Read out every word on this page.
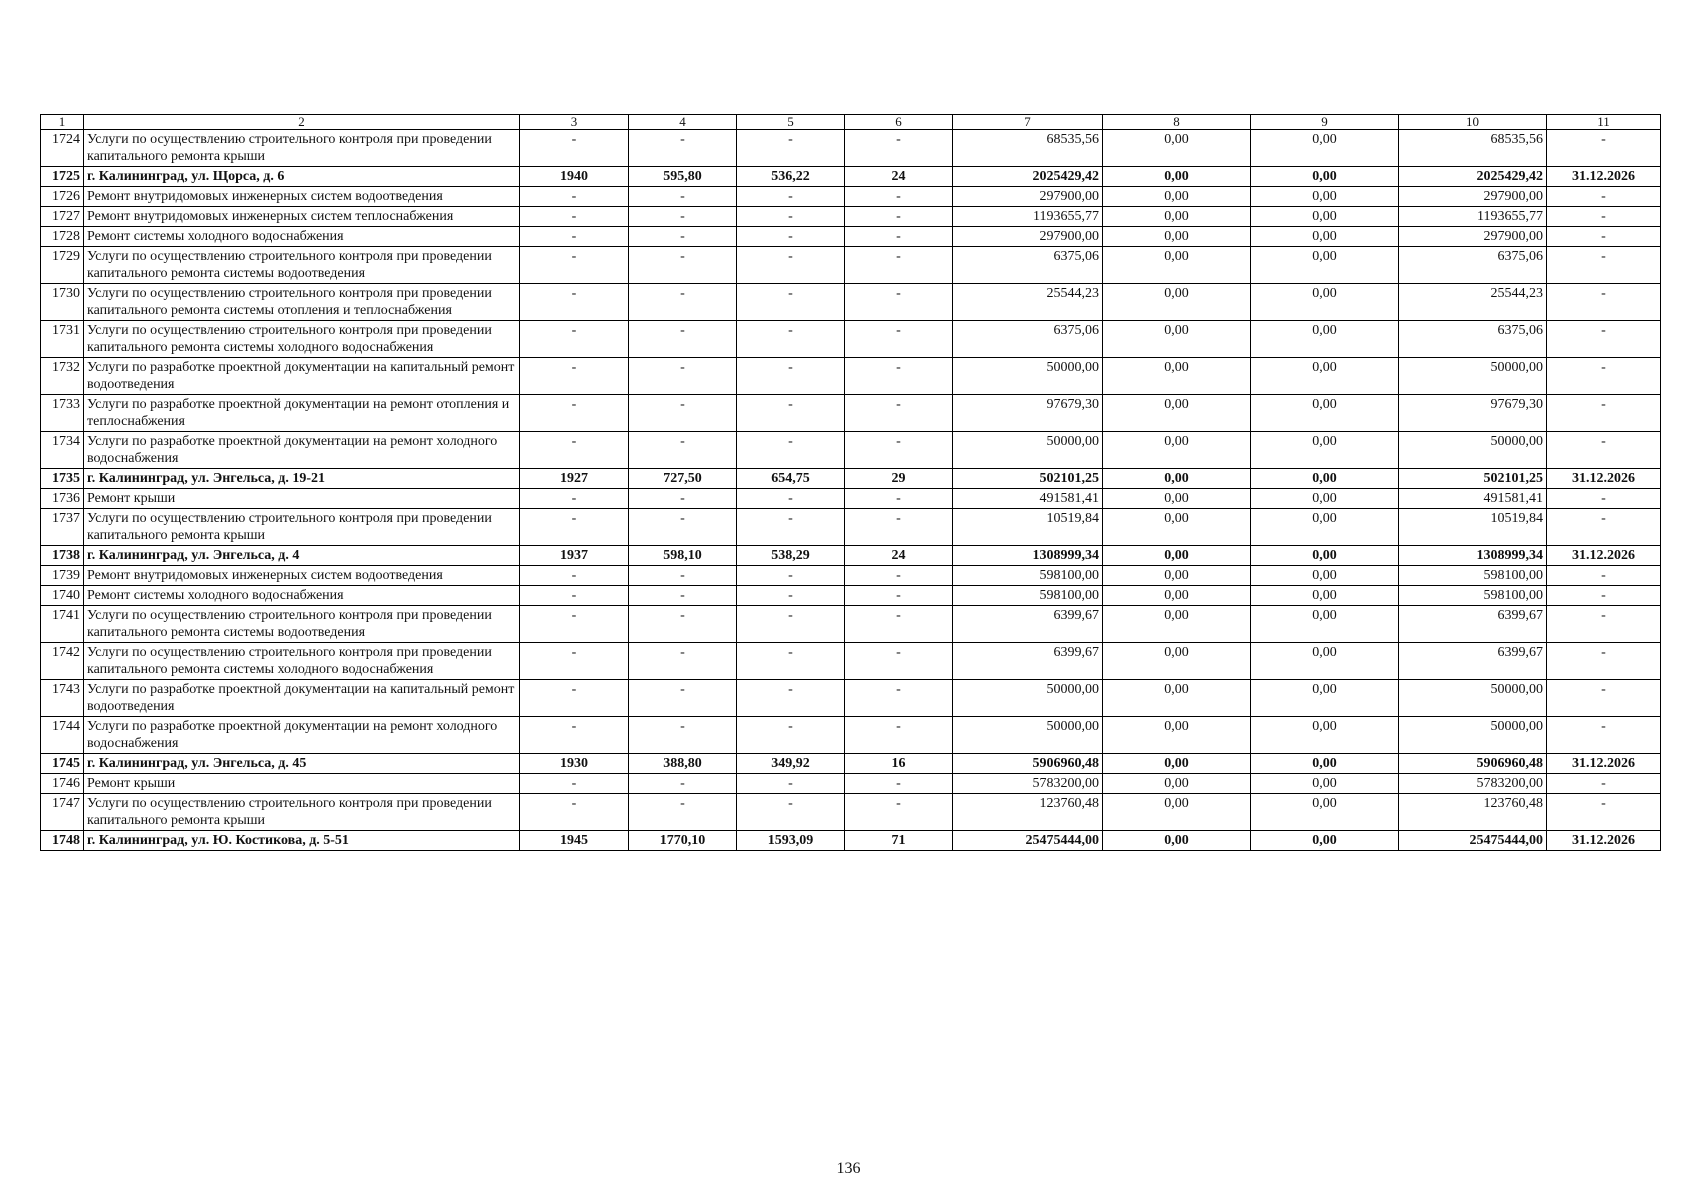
1	2	3	4	5	6	7	8	9	10	11
1724	Услуги по осуществлению строительного контроля при проведении капитального ремонта крыши	-	-	-	-	68535,56	0,00	0,00	68535,56	-
1725	г. Калининград, ул. Щорса, д. 6	1940	595,80	536,22	24	2025429,42	0,00	0,00	2025429,42	31.12.2026
1726	Ремонт внутридомовых инженерных систем водоотведения	-	-	-	-	297900,00	0,00	0,00	297900,00	-
1727	Ремонт внутридомовых инженерных систем теплоснабжения	-	-	-	-	1193655,77	0,00	0,00	1193655,77	-
1728	Ремонт системы холодного водоснабжения	-	-	-	-	297900,00	0,00	0,00	297900,00	-
1729	Услуги по осуществлению строительного контроля при проведении капитального ремонта системы водоотведения	-	-	-	-	6375,06	0,00	0,00	6375,06	-
1730	Услуги по осуществлению строительного контроля при проведении капитального ремонта системы отопления и теплоснабжения	-	-	-	-	25544,23	0,00	0,00	25544,23	-
1731	Услуги по осуществлению строительного контроля при проведении капитального ремонта системы холодного водоснабжения	-	-	-	-	6375,06	0,00	0,00	6375,06	-
1732	Услуги по разработке проектной документации на капитальный ремонт водоотведения	-	-	-	-	50000,00	0,00	0,00	50000,00	-
1733	Услуги по разработке проектной документации на ремонт отопления и теплоснабжения	-	-	-	-	97679,30	0,00	0,00	97679,30	-
1734	Услуги по разработке проектной документации на ремонт холодного водоснабжения	-	-	-	-	50000,00	0,00	0,00	50000,00	-
1735	г. Калининград, ул. Энгельса, д. 19-21	1927	727,50	654,75	29	502101,25	0,00	0,00	502101,25	31.12.2026
1736	Ремонт крыши	-	-	-	-	491581,41	0,00	0,00	491581,41	-
1737	Услуги по осуществлению строительного контроля при проведении капитального ремонта крыши	-	-	-	-	10519,84	0,00	0,00	10519,84	-
1738	г. Калининград, ул. Энгельса, д. 4	1937	598,10	538,29	24	1308999,34	0,00	0,00	1308999,34	31.12.2026
1739	Ремонт внутридомовых инженерных систем водоотведения	-	-	-	-	598100,00	0,00	0,00	598100,00	-
1740	Ремонт системы холодного водоснабжения	-	-	-	-	598100,00	0,00	0,00	598100,00	-
1741	Услуги по осуществлению строительного контроля при проведении капитального ремонта системы водоотведения	-	-	-	-	6399,67	0,00	0,00	6399,67	-
1742	Услуги по осуществлению строительного контроля при проведении капитального ремонта системы холодного водоснабжения	-	-	-	-	6399,67	0,00	0,00	6399,67	-
1743	Услуги по разработке проектной документации на капитальный ремонт водоотведения	-	-	-	-	50000,00	0,00	0,00	50000,00	-
1744	Услуги по разработке проектной документации на ремонт холодного водоснабжения	-	-	-	-	50000,00	0,00	0,00	50000,00	-
1745	г. Калининград, ул. Энгельса, д. 45	1930	388,80	349,92	16	5906960,48	0,00	0,00	5906960,48	31.12.2026
1746	Ремонт крыши	-	-	-	-	5783200,00	0,00	0,00	5783200,00	-
1747	Услуги по осуществлению строительного контроля при проведении капитального ремонта крыши	-	-	-	-	123760,48	0,00	0,00	123760,48	-
1748	г. Калининград, ул. Ю. Костикова, д. 5-51	1945	1770,10	1593,09	71	25475444,00	0,00	0,00	25475444,00	31.12.2026
136
